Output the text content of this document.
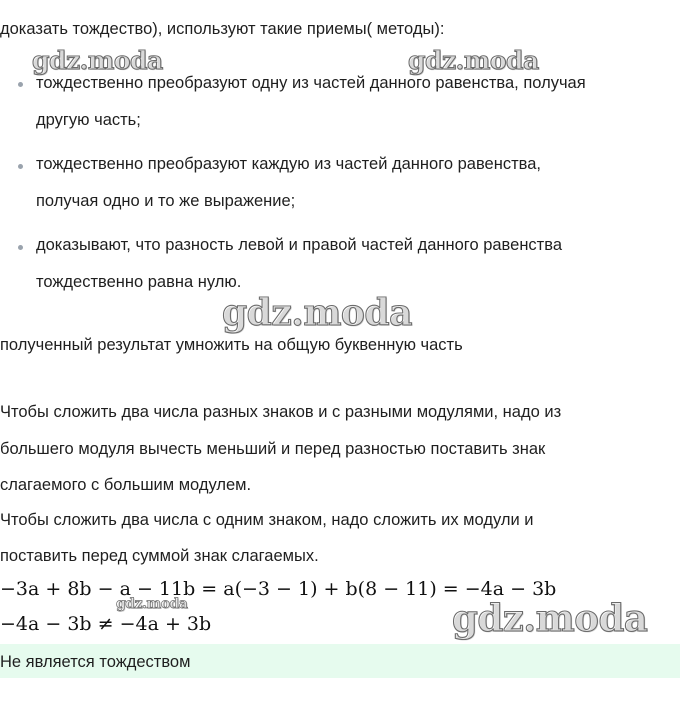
доказать тождество), используют такие приемы( методы):
тождественно преобразуют одну из частей данного равенства, получая
другую часть;
тождественно преобразуют каждую из частей данного равенства,
получая одно и то же выражение;
доказывают, что разность левой и правой частей данного равенства
тождественно равна нулю.
полученный результат умножить на общую буквенную часть
Чтобы сложить два числа разных знаков и с разными модулями, надо из
большего модуля вычесть меньший и перед разностью поставить знак
слагаемого с большим модулем.
Чтобы сложить два числа с одним знаком, надо сложить их модули и
поставить перед суммой знак слагаемых.
−3a + 8b − a − 11b = a(−3 − 1) + b(8 − 11) = −4a − 3b
−4a − 3b ≠ −4a + 3b
Не является тождеством
gdz.moda	gdz.moda
gdz.moda
gdz.moda	gdz.moda
